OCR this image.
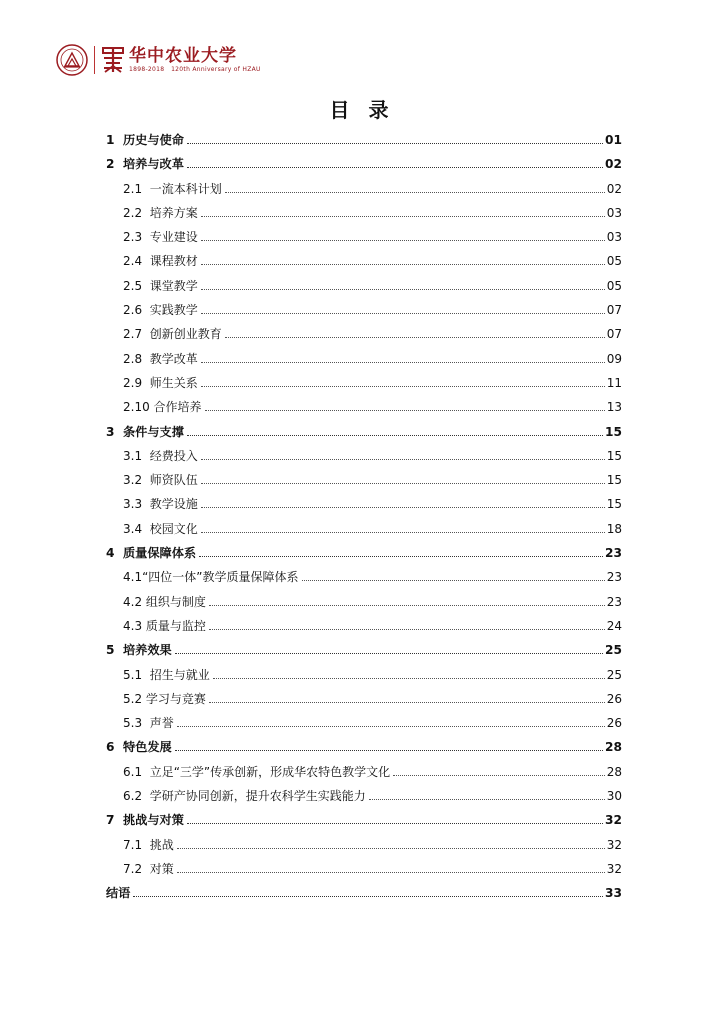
华中农业大学
1898-2018 120th Anniversary of HZAU
目 录
1 历史与使命	01
2 培养与改革	02
2.1 一流本科计划	02
2.2 培养方案	03
2.3 专业建设	03
2.4 课程教材	05
2.5 课堂教学	05
2.6 实践教学	07
2.7 创新创业教育	07
2.8 教学改革	09
2.9 师生关系	11
2.10 合作培养	13
3 条件与支撑	15
3.1 经费投入	15
3.2 师资队伍	15
3.3 教学设施	15
3.4 校园文化	18
4 质量保障体系	23
4.1 “四位一体”教学质量保障体系	23
4.2 组织与制度	23
4.3 质量与监控	24
5 培养效果	25
5.1 招生与就业	25
5.2 学习与竞赛	26
5.3 声誉	26
6 特色发展	28
6.1 立足“三学”传承创新，形成华农特色教学文化	28
6.2 学研产协同创新，提升农科学生实践能力	30
7 挑战与对策	32
7.1 挑战	32
7.2 对策	32
结语	33
